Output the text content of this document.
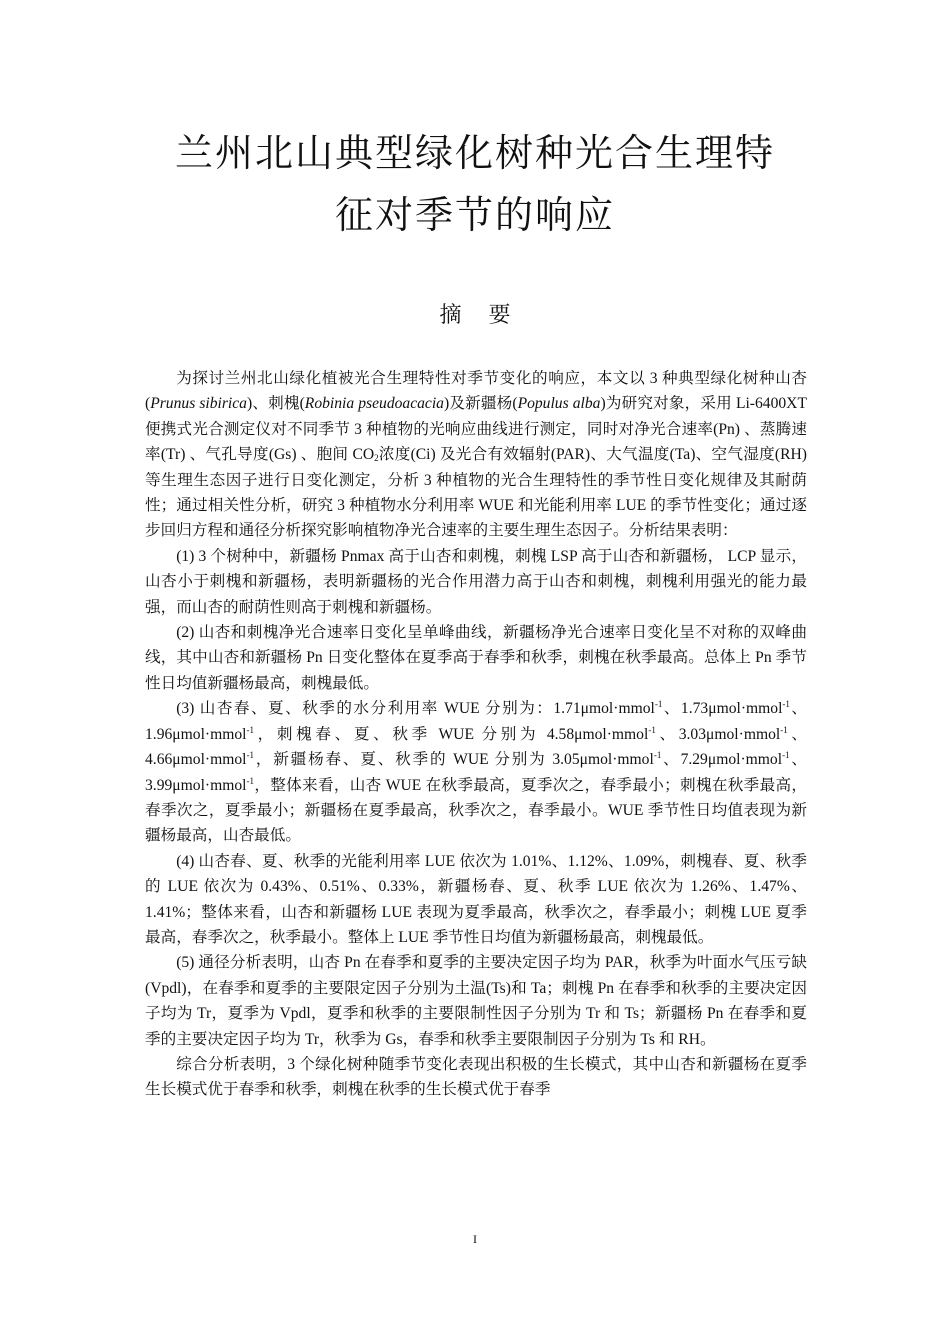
兰州北山典型绿化树种光合生理特
征对季节的响应
摘 要

为探讨兰州北山绿化植被光合生理特性对季节变化的响应，本文以 3 种典型绿化树种山杏(Prunus sibirica)、刺槐(Robinia pseudoacacia)及新疆杨(Populus alba)为研究对象，采用 Li-6400XT 便携式光合测定仪对不同季节 3 种植物的光响应曲线进行测定，同时对净光合速率(Pn) 、蒸腾速率(Tr) 、气孔导度(Gs) 、胞间 $CO_2$浓度(Ci) 及光合有效辐射(PAR)、大气温度(Ta)、空气湿度(RH)等生理生态因子进行日变化测定，分析 3 种植物的光合生理特性的季节性日变化规律及其耐荫性；通过相关性分析，研究 3 种植物水分利用率 WUE 和光能利用率 LUE 的季节性变化；通过逐步回归方程和通径分析探究影响植物净光合速率的主要生理生态因子。分析结果表明：

(1) 3 个树种中，新疆杨 Pnmax 高于山杏和刺槐，刺槐 LSP 高于山杏和新疆杨， LCP 显示，山杏小于刺槐和新疆杨，表明新疆杨的光合作用潜力高于山杏和刺槐，刺槐利用强光的能力最强，而山杏的耐荫性则高于刺槐和新疆杨。

(2) 山杏和刺槐净光合速率日变化呈单峰曲线，新疆杨净光合速率日变化呈不对称的双峰曲线，其中山杏和新疆杨 Pn 日变化整体在夏季高于春季和秋季，刺槐在秋季最高。总体上 Pn 季节性日均值新疆杨最高，刺槐最低。

(3) 山杏春、夏、秋季的水分利用率 WUE 分别为：1.71μmol·mmol$^{-1}$、1.73μmol·mmol$^{-1}$、1.96μmol·mmol$^{-1}$，刺槐春、夏、秋季 WUE 分别为 4.58μmol·mmol$^{-1}$、3.03μmol·mmol$^{-1}$、4.66μmol·mmol$^{-1}$，新疆杨春、夏、秋季的 WUE 分别为 3.05μmol·mmol$^{-1}$、7.29μmol·mmol$^{-1}$、3.99μmol·mmol$^{-1}$，整体来看，山杏 WUE 在秋季最高，夏季次之，春季最小；刺槐在秋季最高，春季次之，夏季最小；新疆杨在夏季最高，秋季次之，春季最小。WUE 季节性日均值表现为新疆杨最高，山杏最低。

(4) 山杏春、夏、秋季的光能利用率 LUE 依次为 1.01%、1.12%、1.09%，刺槐春、夏、秋季的 LUE 依次为 0.43%、0.51%、0.33%，新疆杨春、夏、秋季 LUE 依次为 1.26%、1.47%、1.41%；整体来看，山杏和新疆杨 LUE 表现为夏季最高，秋季次之，春季最小；刺槐 LUE 夏季最高，春季次之，秋季最小。整体上 LUE 季节性日均值为新疆杨最高，刺槐最低。

(5) 通径分析表明，山杏 Pn 在春季和夏季的主要决定因子均为 PAR，秋季为叶面水气压亏缺(Vpdl)，在春季和夏季的主要限定因子分别为土温(Ts)和 Ta；刺槐 Pn 在春季和秋季的主要决定因子均为 Tr，夏季为 Vpdl，夏季和秋季的主要限制性因子分别为 Tr 和 Ts；新疆杨 Pn 在春季和夏季的主要决定因子均为 Tr，秋季为 Gs，春季和秋季主要限制因子分别为 Ts 和 RH。

综合分析表明，3 个绿化树种随季节变化表现出积极的生长模式，其中山杏和新疆杨在夏季生长模式优于春季和秋季，刺槐在秋季的生长模式优于春季

I
